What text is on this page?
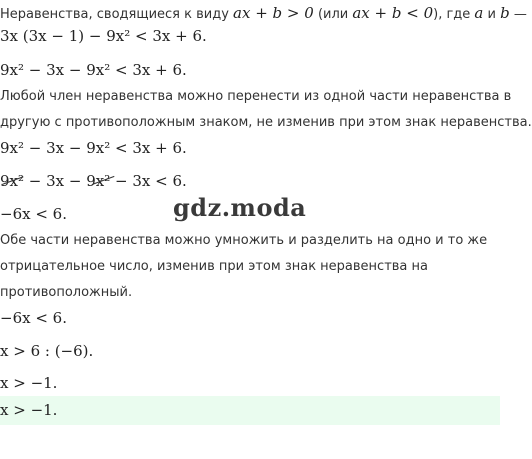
Неравенства, сводящиеся к виду ax + b > 0 (или ax + b < 0), где a и b —
3x (3x − 1) − 9x² < 3x + 6.
9x² − 3x − 9x² < 3x + 6.
Любой член неравенства можно перенести из одной части неравенства в
другую с противоположным знаком, не изменив при этом знак неравенства.
9x² − 3x − 9x² < 3x + 6.
9x² − 3x − 9x² − 3x < 6.
−6x < 6.	gdz.moda
Обе части неравенства можно умножить и разделить на одно и то же
отрицательное число, изменив при этом знак неравенства на
противоположный.
−6x < 6.
x > 6 : (−6).
x > −1.
x > −1.
